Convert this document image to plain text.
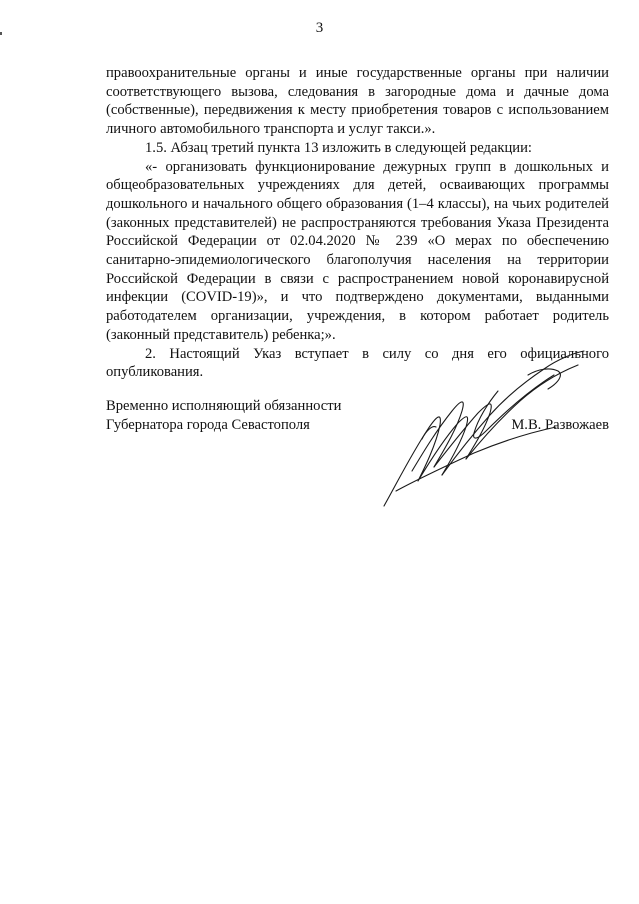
3

правоохранительные органы и иные государственные органы при наличии соответствующего вызова, следования в загородные дома и дачные дома (собственные), передвижения к месту приобретения товаров с использованием личного автомобильного транспорта и услуг такси.».

1.5. Абзац третий пункта 13 изложить в следующей редакции:

«- организовать функционирование дежурных групп в дошкольных и общеобразовательных учреждениях для детей, осваивающих программы дошкольного и начального общего образования (1–4 классы), на чьих родителей (законных представителей) не распространяются требования Указа Президента Российской Федерации от 02.04.2020 № 239 «О мерах по обеспечению санитарно-эпидемиологического благополучия населения на территории Российской Федерации в связи с распространением новой коронавирусной инфекции (COVID-19)», и что подтверждено документами, выданными работодателем организации, учреждения, в котором работает родитель (законный представитель) ребенка;».

2. Настоящий Указ вступает в силу со дня его официального опубликования.

Временно исполняющий обязанности
Губернатора города Севастополя	М.В. Развожаев
